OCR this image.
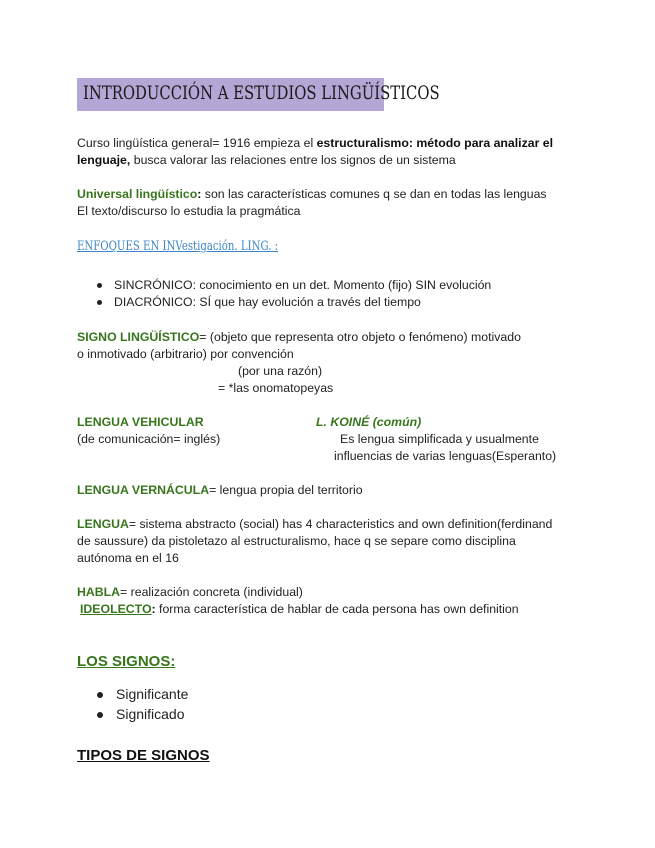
INTRODUCCIÓN A ESTUDIOS LINGÜÍSTICOS
Curso lingüística general= 1916 empieza el estructuralismo: método para analizar el
lenguaje, busca valorar las relaciones entre los signos de un sistema
Universal lingüístico: son las características comunes q se dan en todas las lenguas
El texto/discurso lo estudia la pragmática
ENFOQUES EN INVestigación. LING. :
SINCRÓNICO: conocimiento en un det. Momento (fijo) SIN evolución
DIACRÓNICO: SÍ que hay evolución a través del tiempo
SIGNO LINGÜÍSTICO= (objeto que representa otro objeto o fenómeno) motivado
o inmotivado (arbitrario) por convención
(por una razón)
= *las onomatopeyas
LENGUA VEHICULAR
(de comunicación= inglés)
L. KOINÉ (común)
Es lengua simplificada y usualmente
influencias de varias lenguas(Esperanto)
LENGUA VERNÁCULA= lengua propia del territorio
LENGUA= sistema abstracto (social) has 4 characteristics and own definition(ferdinand
de saussure) da pistoletazo al estructuralismo, hace q se separe como disciplina
autónoma en el 16
HABLA= realización concreta (individual)
IDEOLECTO: forma característica de hablar de cada persona has own definition
LOS SIGNOS:
Significante
Significado
TIPOS DE SIGNOS
